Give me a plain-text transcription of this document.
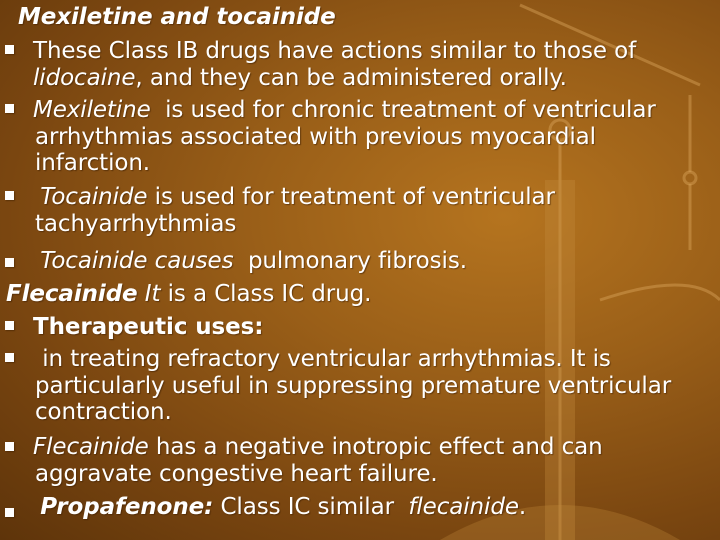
Mexiletine and tocainide
These Class IB drugs have actions similar to those of
lidocaine, and they can be administered orally.
Mexiletine is used for chronic treatment of ventricular
arrhythmias associated with previous myocardial
infarction.
Tocainide is used for treatment of ventricular
tachyarrhythmias
Tocainide causes pulmonary fibrosis.
Flecainide It is a Class IC drug.
Therapeutic uses:
in treating refractory ventricular arrhythmias. It is
particularly useful in suppressing premature ventricular
contraction.
Flecainide has a negative inotropic effect and can
aggravate congestive heart failure.
Propafenone: Class IC similar flecainide.
